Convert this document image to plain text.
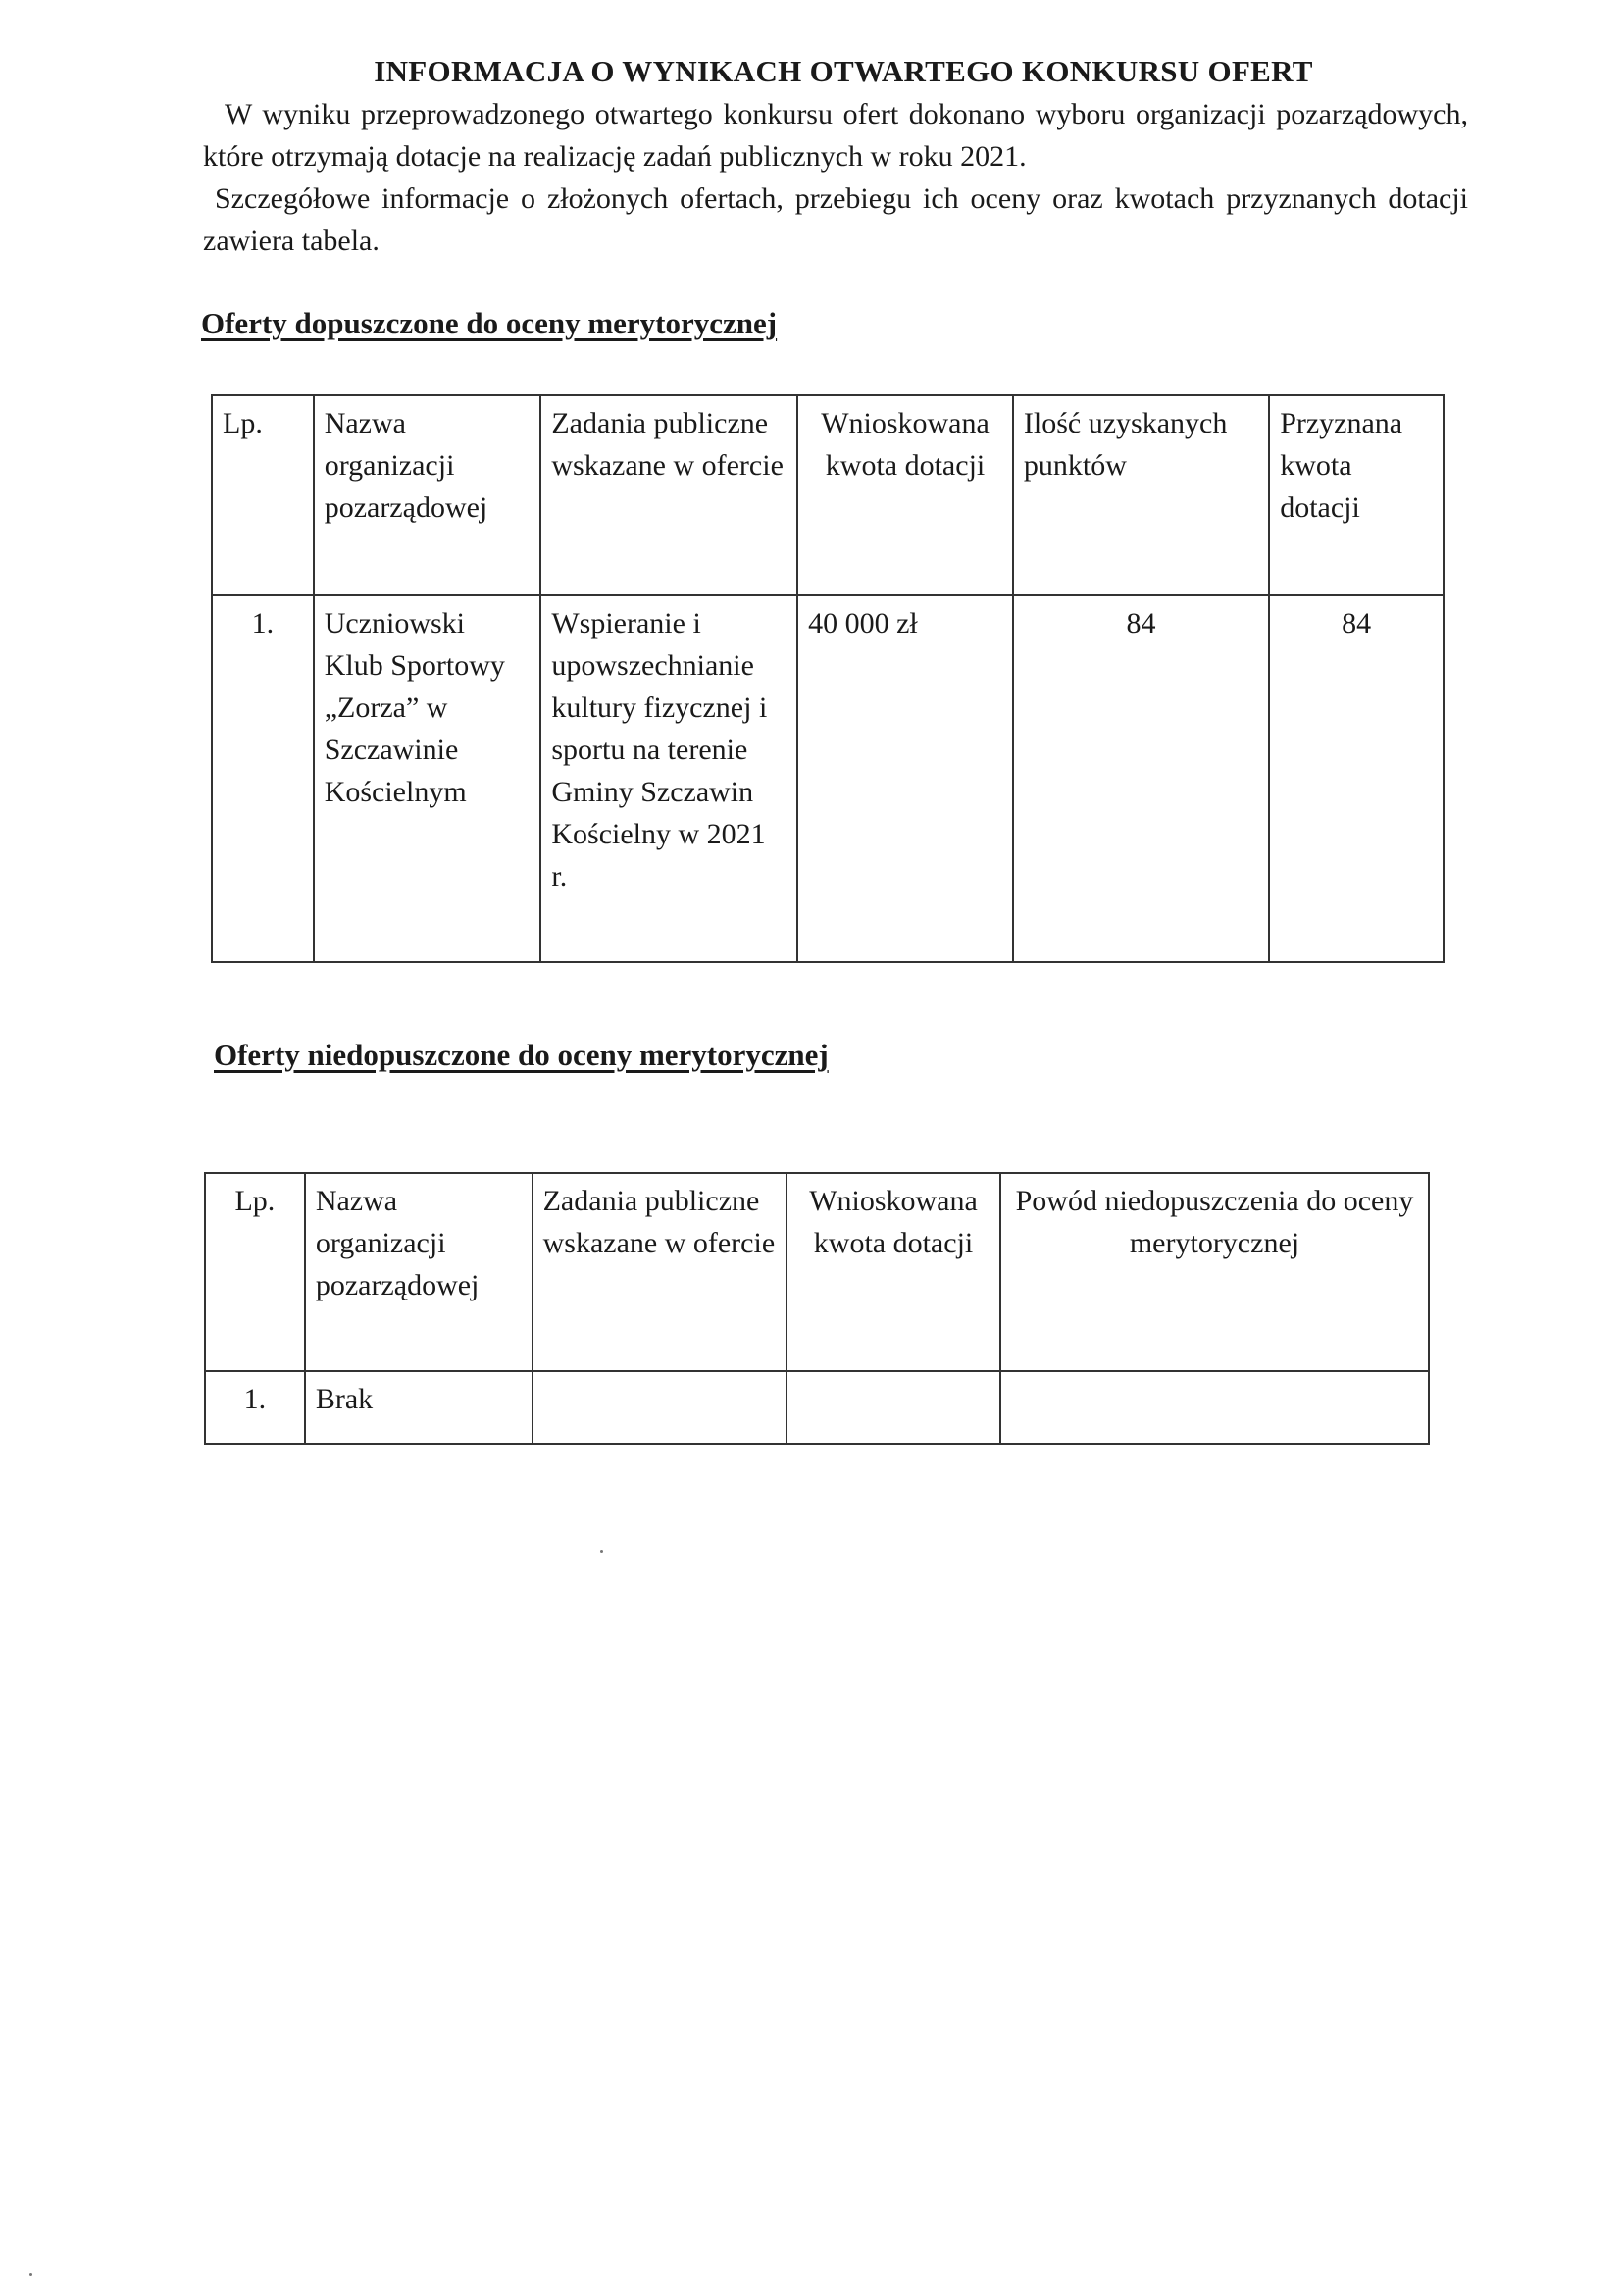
INFORMACJA O WYNIKACH OTWARTEGO KONKURSU OFERT

W wyniku przeprowadzonego otwartego konkursu ofert dokonano wyboru organizacji pozarządowych, które otrzymają dotacje na realizację zadań publicznych w roku 2021.

Szczegółowe informacje o złożonych ofertach, przebiegu ich oceny oraz kwotach przyznanych dotacji zawiera tabela.

Oferty dopuszczone do oceny merytorycznej
Lp.	Nazwa organizacji pozarządowej	Zadania publiczne wskazane w ofercie	Wnioskowana kwota dotacji	Ilość uzyskanych punktów	Przyznana kwota dotacji
1.	Uczniowski Klub Sportowy „Zorza” w Szczawinie Kościelnym	Wspieranie i upowszechnianie kultury fizycznej i sportu na terenie Gminy Szczawin Kościelny w 2021 r.	40 000 zł	84	84
Oferty niedopuszczone do oceny merytorycznej
Lp.	Nazwa organizacji pozarządowej	Zadania publiczne wskazane w ofercie	Wnioskowana kwota dotacji	Powód niedopuszczenia do oceny merytorycznej
1.	Brak			
